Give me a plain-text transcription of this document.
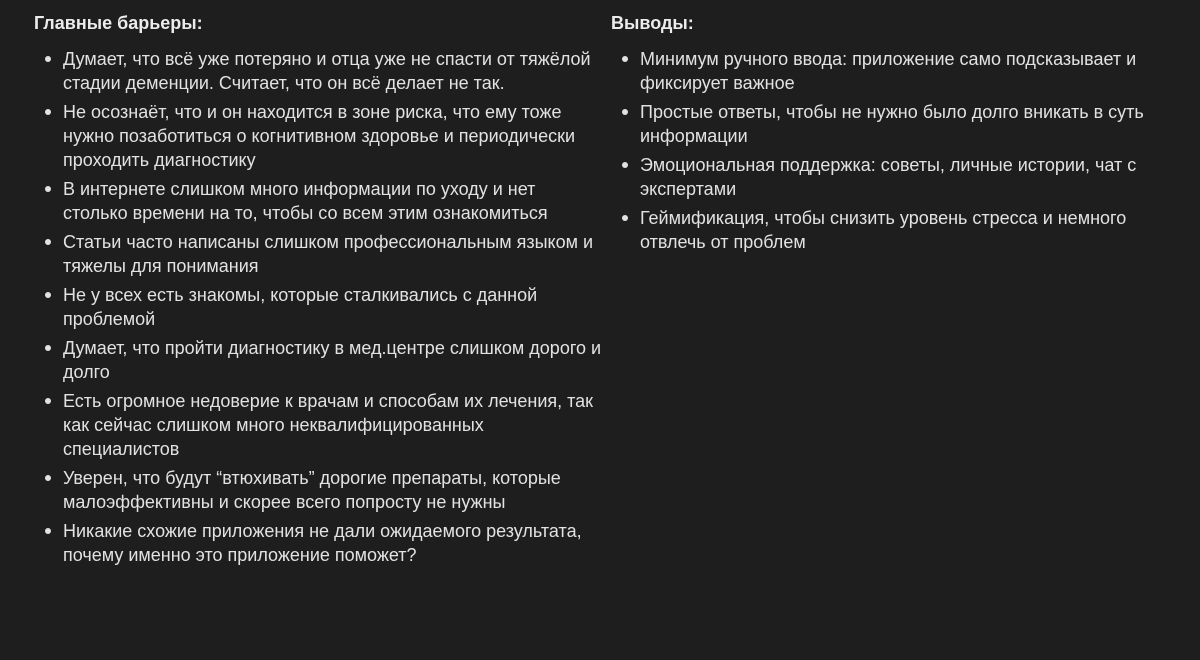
Главные барьеры:
Думает, что всё уже потеряно и отца уже не спасти от тяжёлой стадии деменции. Считает, что он всё делает не так.
Не осознаёт, что и он находится в зоне риска, что ему тоже нужно позаботиться о когнитивном здоровье и периодически проходить диагностику
В интернете слишком много информации по уходу и нет столько времени на то, чтобы со всем этим ознакомиться
Статьи часто написаны слишком профессиональным языком и тяжелы для понимания
Не у всех есть знакомы, которые сталкивались с данной проблемой
Думает, что пройти диагностику в мед.центре слишком дорого и долго
Есть огромное недоверие к врачам и способам их лечения, так как сейчас слишком много неквалифицированных специалистов
Уверен, что будут “втюхивать” дорогие препараты, которые малоэффективны и скорее всего попросту не нужны
Никакие схожие приложения не дали ожидаемого результата, почему именно это приложение поможет?
Выводы:
Минимум ручного ввода: приложение само подсказывает и фиксирует важное
Простые ответы, чтобы не нужно было долго вникать в суть информации
Эмоциональная поддержка: советы, личные истории, чат с экспертами
Геймификация, чтобы снизить уровень стресса и немного отвлечь от проблем
